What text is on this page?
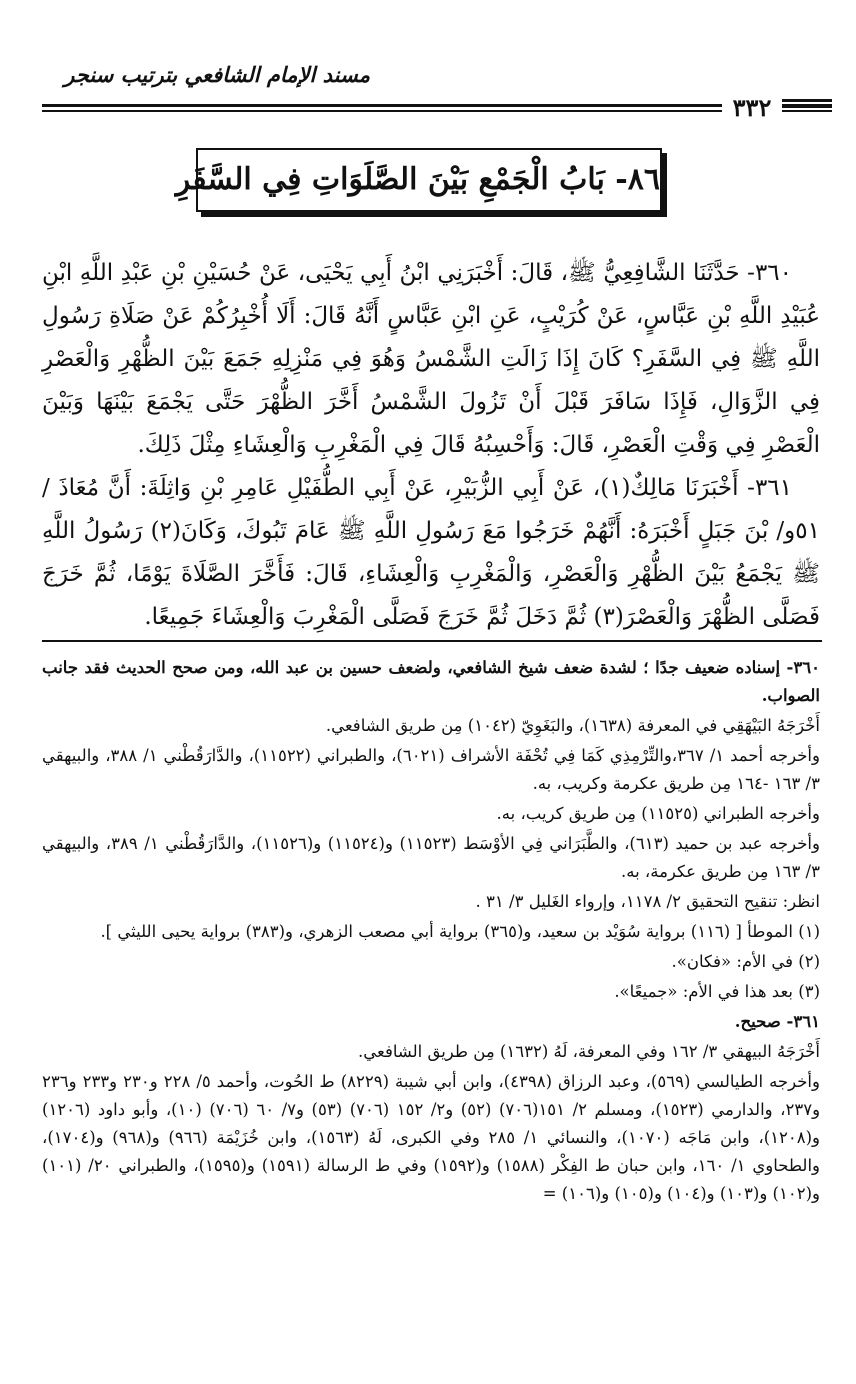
مسند الإمام الشافعي بترتيب سنجر
٣٣٢
٨٦- بَابُ الْجَمْعِ بَيْنَ الصَّلَوَاتِ فِي السَّفَرِ

٣٦٠- حَدَّثَنَا الشَّافِعِيُّ ﷺ، قَالَ: أَخْبَرَنِي ابْنُ أَبِي يَحْيَى، عَنْ حُسَيْنِ بْنِ عَبْدِ اللَّهِ ابْنِ عُبَيْدِ اللَّهِ بْنِ عَبَّاسٍ، عَنْ كُرَيْبٍ، عَنِ ابْنِ عَبَّاسٍ أَنَّهُ قَالَ: أَلَا أُخْبِرُكُمْ عَنْ صَلَاةِ رَسُولِ اللَّهِ ﷺ فِي السَّفَرِ؟ كَانَ إِذَا زَالَتِ الشَّمْسُ وَهُوَ فِي مَنْزِلِهِ جَمَعَ بَيْنَ الظُّهْرِ وَالْعَصْرِ فِي الزَّوَالِ، فَإِذَا سَافَرَ قَبْلَ أَنْ تَزُولَ الشَّمْسُ أَخَّرَ الظُّهْرَ حَتَّى يَجْمَعَ بَيْنَهَا وَبَيْنَ الْعَصْرِ فِي وَقْتِ الْعَصْرِ، قَالَ: وَأَحْسِبُهُ قَالَ فِي الْمَغْرِبِ وَالْعِشَاءِ مِثْلَ ذَلِكَ.

٣٦١- أَخْبَرَنَا مَالِكٌ(١)، عَنْ أَبِي الزُّبَيْرِ، عَنْ أَبِي الطُّفَيْلِ عَامِرِ بْنِ وَاثِلَةَ: أَنَّ مُعَاذَ / ٥١و/ بْنَ جَبَلٍ أَخْبَرَهُ: أَنَّهُمْ خَرَجُوا مَعَ رَسُولِ اللَّهِ ﷺ عَامَ تَبُوكَ، وَكَانَ(٢) رَسُولُ اللَّهِ ﷺ يَجْمَعُ بَيْنَ الظُّهْرِ وَالْعَصْرِ، وَالْمَغْرِبِ وَالْعِشَاءِ، قَالَ: فَأَخَّرَ الصَّلَاةَ يَوْمًا، ثُمَّ خَرَجَ فَصَلَّى الظُّهْرَ وَالْعَصْرَ(٣) ثُمَّ دَخَلَ ثُمَّ خَرَجَ فَصَلَّى الْمَغْرِبَ وَالْعِشَاءَ جَمِيعًا.

٣٦٠- إسناده ضعيف جدًا ؛ لشدة ضعف شيخ الشافعي، ولضعف حسين بن عبد الله، ومن صحح الحديث فقد جانب الصواب.

أَخْرَجَهُ البَيْهَقِي في المعرفة (١٦٣٨)، والبَغَوِيّ (١٠٤٢) مِن طريق الشافعي.

وأخرجه أحمد ١/ ٣٦٧،والتِّرْمِذِي كَمَا فِي تُحْفَة الأشراف (٦٠٢١)، والطبراني (١١٥٢٢)، والدَّارَقُطْني ١/ ٣٨٨، والبيهقي ٣/ ١٦٣ -١٦٤ مِن طريق عكرمة وكريب، به.

وأخرجه الطبراني (١١٥٢٥) مِن طريق كريب، به.

وأخرجه عبد بن حميد (٦١٣)، والطَّبَرَاني فِي الأوْسَط (١١٥٢٣) و(١١٥٢٤) و(١١٥٢٦)، والدَّارَقُطْني ١/ ٣٨٩، والبيهقي ٣/ ١٦٣ مِن طريق عكرمة، به.

انظر: تنقيح التحقيق ٢/ ١١٧٨، وإرواء الغَليل ٣/ ٣١ .

(١) الموطأ [ (١١٦) برواية سُوَيْد بن سعيد، و(٣٦٥) برواية أبي مصعب الزهري، و(٣٨٣) برواية يحيى الليثي ].

(٢) في الأم: «فكان».

(٣) بعد هذا في الأم: «جميعًا».

٣٦١- صحيح.

أَخْرَجَهُ البيهقي ٣/ ١٦٢ وفي المعرفة، لَهُ (١٦٣٢) مِن طريق الشافعي.

وأخرجه الطيالسي (٥٦٩)، وعبد الرزاق (٤٣٩٨)، وابن أبي شيبة (٨٢٢٩) ط الحُوت، وأحمد ٥/ ٢٢٨ و٢٣٠ و٢٣٣ و٢٣٦ و٢٣٧، والدارمي (١٥٢٣)، ومسلم ٢/ ١٥١(٧٠٦) (٥٢) و٢/ ١٥٢ (٧٠٦) (٥٣) و٧/ ٦٠ (٧٠٦) (١٠)، وأبو داود (١٢٠٦) و(١٢٠٨)، وابن مَاجَه (١٠٧٠)، والنسائي ١/ ٢٨٥ وفي الكبرى، لَهُ (١٥٦٣)، وابن خُزَيْمَة (٩٦٦) و(٩٦٨) و(١٧٠٤)، والطحاوي ١/ ١٦٠، وابن حبان ط الفِكْر (١٥٨٨) و(١٥٩٢) وفي ط الرسالة (١٥٩١) و(١٥٩٥)، والطبراني ٢٠/ (١٠١) و(١٠٢) و(١٠٣) و(١٠٤) و(١٠٥) و(١٠٦) =
